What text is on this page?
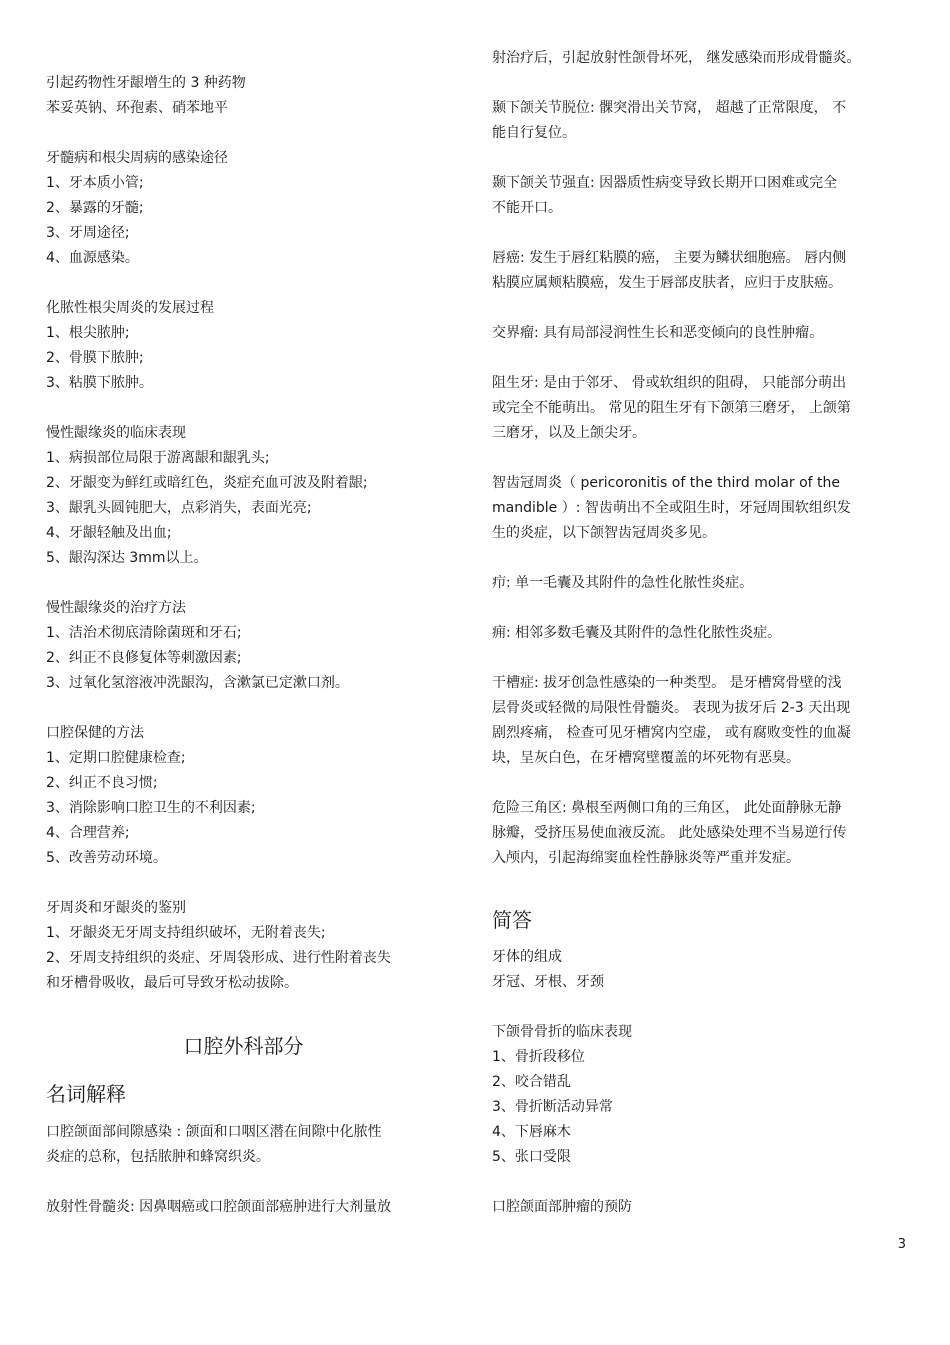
引起药物性牙龈增生的 3 种药物
苯妥英钠、环孢素、硝苯地平
牙髓病和根尖周病的感染途径
1、牙本质小管;
2、暴露的牙髓;
3、牙周途径;
4、血源感染。
化脓性根尖周炎的发展过程
1、根尖脓肿;
2、骨膜下脓肿;
3、粘膜下脓肿。
慢性龈缘炎的临床表现
1、病损部位局限于游离龈和龈乳头;
2、牙龈变为鲜红或暗红色，炎症充血可波及附着龈;
3、龈乳头圆钝肥大，点彩消失，表面光亮;
4、牙龈轻触及出血;
5、龈沟深达 3mm以上。
慢性龈缘炎的治疗方法
1、洁治术彻底清除菌斑和牙石;
2、纠正不良修复体等刺激因素;
3、过氧化氢溶液冲洗龈沟，含漱氯已定漱口剂。
口腔保健的方法
1、定期口腔健康检查;
2、纠正不良习惯;
3、消除影响口腔卫生的不利因素;
4、合理营养;
5、改善劳动环境。
牙周炎和牙龈炎的鉴别
1、牙龈炎无牙周支持组织破坏，无附着丧失;
2、牙周支持组织的炎症、牙周袋形成、进行性附着丧失
和牙槽骨吸收，最后可导致牙松动拔除。
口腔外科部分
名词解释
口腔颌面部间隙感染 : 颌面和口咽区潜在间隙中化脓性
炎症的总称，包括脓肿和蜂窝织炎。
放射性骨髓炎: 因鼻咽癌或口腔颌面部癌肿进行大剂量放
射治疗后，引起放射性颌骨坏死， 继发感染而形成骨髓炎。
颞下颌关节脱位: 髁突滑出关节窝， 超越了正常限度， 不
能自行复位。
颞下颌关节强直: 因器质性病变导致长期开口困难或完全
不能开口。
唇癌: 发生于唇红粘膜的癌， 主要为鳞状细胞癌。 唇内侧
粘膜应属颊粘膜癌，发生于唇部皮肤者，应归于皮肤癌。
交界瘤: 具有局部浸润性生长和恶变倾向的良性肿瘤。
阻生牙: 是由于邻牙、 骨或软组织的阻碍， 只能部分萌出
或完全不能萌出。 常见的阻生牙有下颌第三磨牙， 上颌第
三磨牙，以及上颌尖牙。
智齿冠周炎（ pericoronitis of the third molar of the
mandible ）: 智齿萌出不全或阻生时，牙冠周围软组织发
生的炎症，以下颌智齿冠周炎多见。
疖: 单一毛囊及其附件的急性化脓性炎症。
痈: 相邻多数毛囊及其附件的急性化脓性炎症。
干槽症: 拔牙创急性感染的一种类型。 是牙槽窝骨壁的浅
层骨炎或轻微的局限性骨髓炎。 表现为拔牙后 2-3 天出现
剧烈疼痛， 检查可见牙槽窝内空虚， 或有腐败变性的血凝
块，呈灰白色，在牙槽窝壁覆盖的坏死物有恶臭。
危险三角区: 鼻根至两侧口角的三角区， 此处面静脉无静
脉瓣，受挤压易使血液反流。 此处感染处理不当易逆行传
入颅内，引起海绵窦血栓性静脉炎等严重并发症。
简答
牙体的组成
牙冠、牙根、牙颈
下颌骨骨折的临床表现
1、骨折段移位
2、咬合错乱
3、骨折断活动异常
4、下唇麻木
5、张口受限
口腔颌面部肿瘤的预防
3
